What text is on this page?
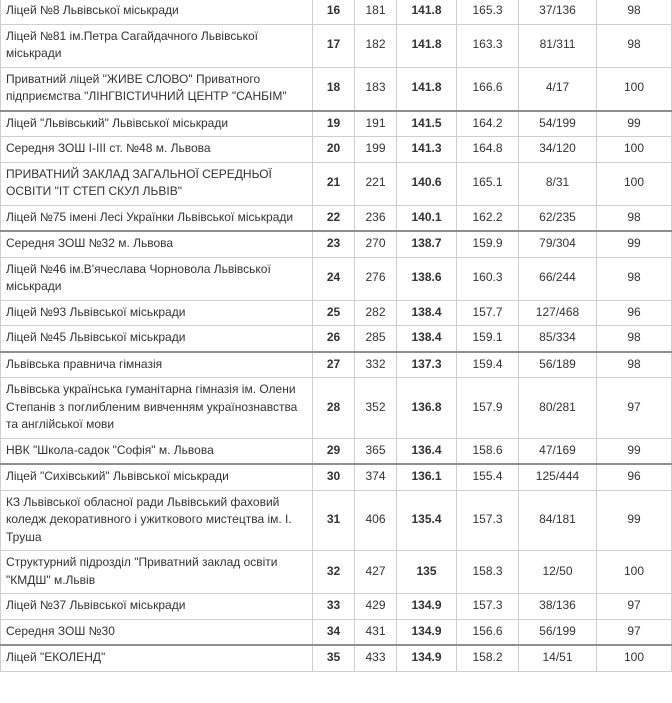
Ліцей №8 Львівської міськради	16	181	141.8	165.3	37/136	98
Ліцей №81 ім.Петра Сагайдачного Львівської міськради	17	182	141.8	163.3	81/311	98
Приватний ліцей "ЖИВЕ СЛОВО" Приватного підприємства "ЛІНГВІСТИЧНИЙ ЦЕНТР "САНБІМ"	18	183	141.8	166.6	4/17	100
Ліцей "Львівський" Львівської міськради	19	191	141.5	164.2	54/199	99
Середня ЗОШ І-ІІІ ст. №48 м. Львова	20	199	141.3	164.8	34/120	100
ПРИВАТНИЙ ЗАКЛАД ЗАГАЛЬНОЇ СЕРЕДНЬОЇ ОСВІТИ "ІТ СТЕП СКУЛ ЛЬВІВ"	21	221	140.6	165.1	8/31	100
Ліцей №75 імені Лесі Українки Львівської міськради	22	236	140.1	162.2	62/235	98
Середня ЗОШ №32 м. Львова	23	270	138.7	159.9	79/304	99
Ліцей №46 ім.В'ячеслава Чорновола Львівської міськради	24	276	138.6	160.3	66/244	98
Ліцей №93 Львівської міськради	25	282	138.4	157.7	127/468	96
Ліцей №45 Львівської міськради	26	285	138.4	159.1	85/334	98
Львівська правнича гімназія	27	332	137.3	159.4	56/189	98
Львівська українська гуманітарна гімназія ім. Олени Степанів з поглибленим вивченням українознавства та англійської мови	28	352	136.8	157.9	80/281	97
НВК "Школа-садок "Софія" м. Львова	29	365	136.4	158.6	47/169	99
Ліцей "Сихівський" Львівської міськради	30	374	136.1	155.4	125/444	96
КЗ Львівської обласної ради Львівський фаховий коледж декоративного і ужиткового мистецтва ім. І. Труша	31	406	135.4	157.3	84/181	99
Структурний підрозділ "Приватний заклад освіти "КМДШ" м.Львів	32	427	135	158.3	12/50	100
Ліцей №37 Львівської міськради	33	429	134.9	157.3	38/136	97
Середня ЗОШ №30	34	431	134.9	156.6	56/199	97
Ліцей "ЕКОЛЕНД"	35	433	134.9	158.2	14/51	100
